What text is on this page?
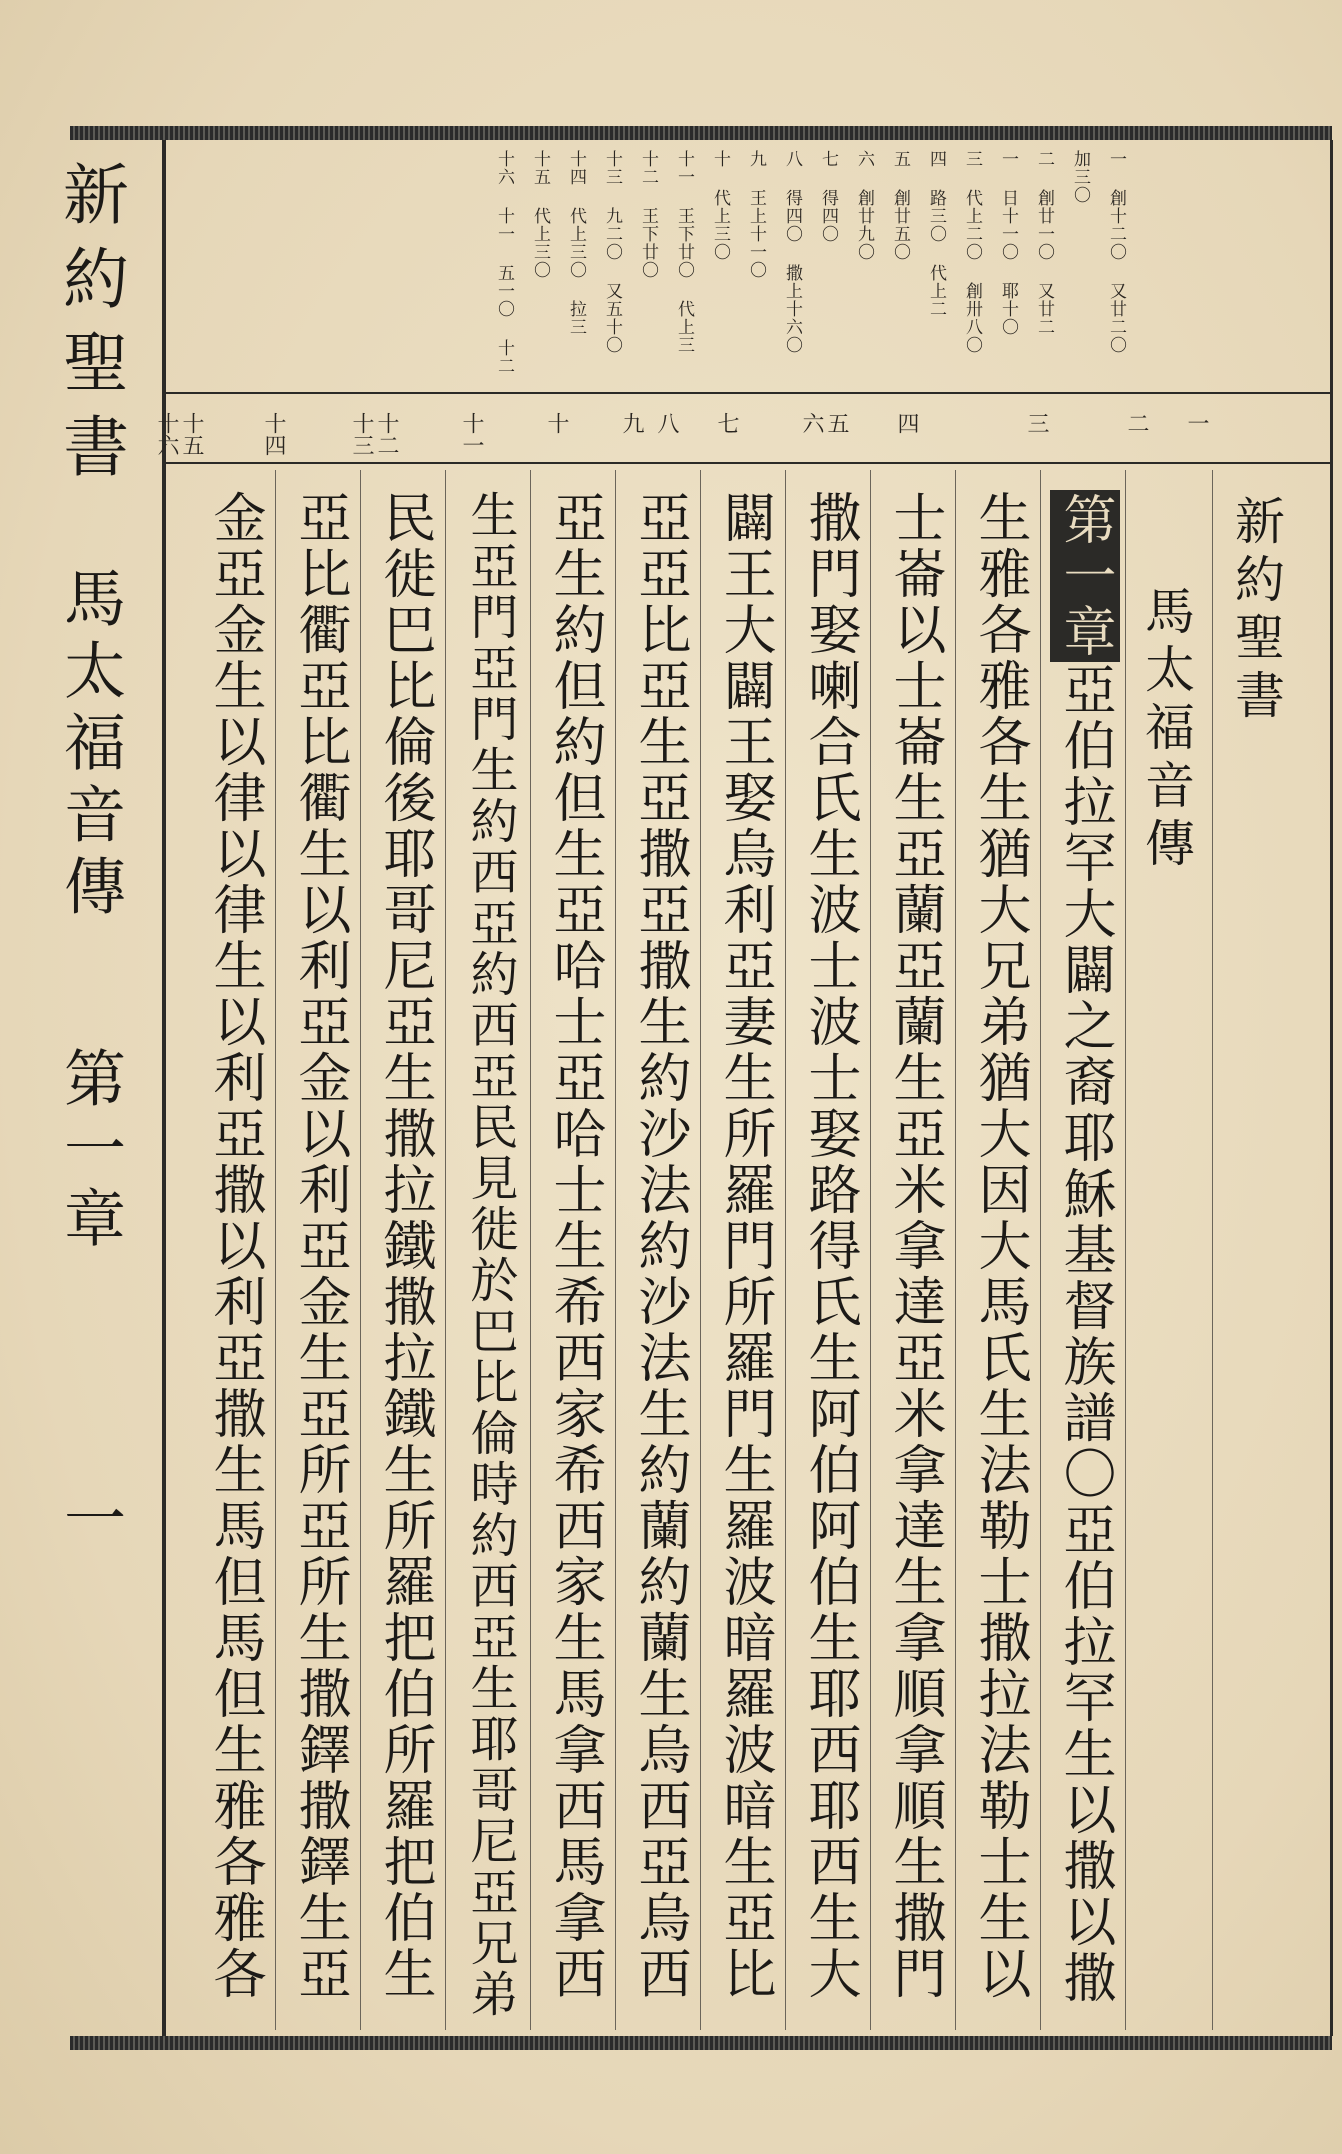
新約聖書
馬太福音傳
第一章
一
一 創十二〇 又廿二〇
加三〇
二 創廿一〇 又廿二
一 日十一〇 耶十〇
三 代上二〇 創卅八〇
四 路三〇 代上二
五 創廿五〇
六 創廿九〇
七 得四〇
八 得四〇 撒上十六〇
九 王上十一〇
十 代上三〇
十一 王下廿〇 代上三
十二 王下廿〇
十三 九二〇 又五十〇
十四 代上三〇 拉三
十五 代上三〇
十六 十一 五一〇 十二
一
二
三
四
五
六
七
八
九
十
十一
十二
十三
十四
十五
十六
新約聖書
馬太福音傳
第一章亞伯拉罕大闢之裔耶穌基督族譜〇亞伯拉罕生以撒以撒
生雅各雅各生猶大兄弟猶大因大馬氏生法勒士撒拉法勒士生以
士崙以士崙生亞蘭亞蘭生亞米拿達亞米拿達生拿順拿順生撒門
撒門娶喇合氏生波士波士娶路得氏生阿伯阿伯生耶西耶西生大
闢王大闢王娶烏利亞妻生所羅門所羅門生羅波暗羅波暗生亞比
亞亞比亞生亞撒亞撒生約沙法約沙法生約蘭約蘭生烏西亞烏西
亞生約但約但生亞哈士亞哈士生希西家希西家生馬拿西馬拿西
生亞門亞門生約西亞約西亞民見徙於巴比倫時約西亞生耶哥尼亞兄弟
民徙巴比倫後耶哥尼亞生撒拉鐵撒拉鐵生所羅把伯所羅把伯生
亞比衢亞比衢生以利亞金以利亞金生亞所亞所生撒鐸撒鐸生亞
金亞金生以律以律生以利亞撒以利亞撒生馬但馬但生雅各雅各
